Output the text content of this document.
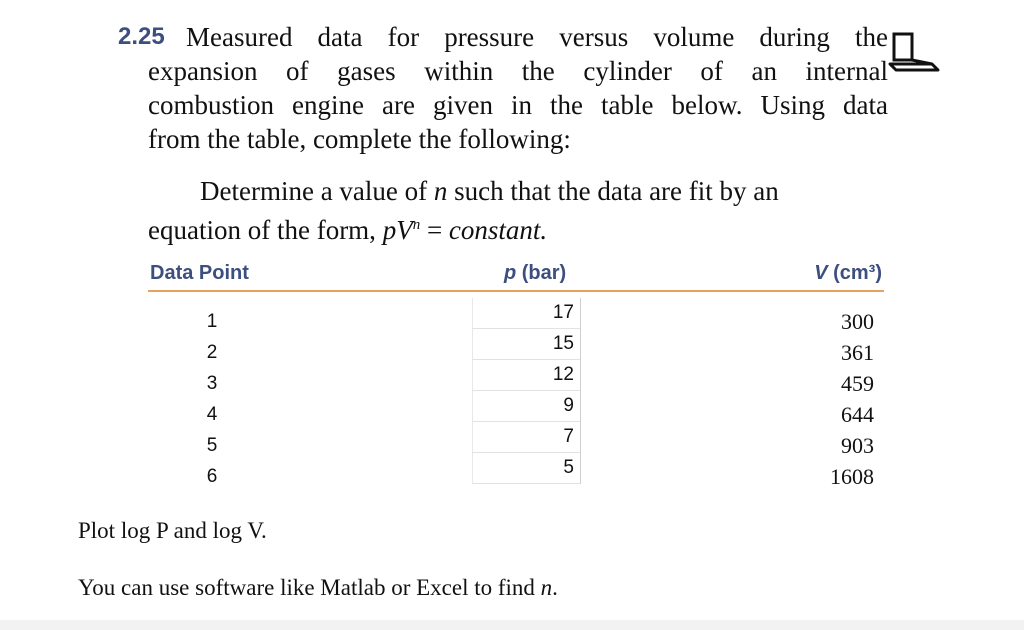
2.25 Measured data for pressure versus volume during the
expansion of gases within the cylinder of an internal
combustion engine are given in the table below. Using data
from the table, complete the following:
Determine a value of n such that the data are fit by an
equation of the form, $pV^n$ = constant.
Data Point	p (bar)	V (cm³)
1
2
3
4
5
6
17
15
12
9
7
5
300
361
459
644
903
1608
Plot log P and log V.
You can use software like Matlab or Excel to find n.
